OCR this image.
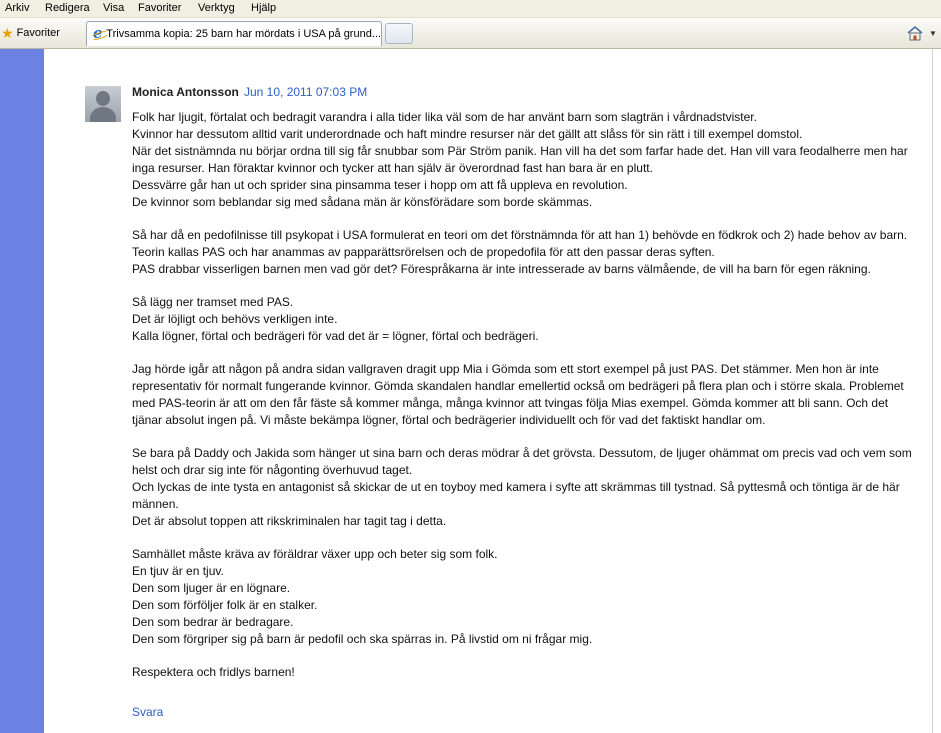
Arkiv Redigera Visa Favoriter Verktyg Hjälp
★ Favoriter
e	Trivsamma kopia: 25 barn har mördats i USA på grund...	▼
Monica Antonsson Jun 10, 2011 07:03 PM

Folk har ljugit, förtalat och bedragit varandra i alla tider lika väl som de har använt barn som slagträn i vårdnadstvister.
Kvinnor har dessutom alltid varit underordnade och haft mindre resurser när det gällt att slåss för sin rätt i till exempel domstol.
När det sistnämnda nu börjar ordna till sig får snubbar som Pär Ström panik. Han vill ha det som farfar hade det. Han vill vara feodalherre men har inga resurser. Han föraktar kvinnor och tycker att han själv är överordnad fast han bara är en plutt.
Dessvärre går han ut och sprider sina pinsamma teser i hopp om att få uppleva en revolution.
De kvinnor som beblandar sig med sådana män är könsförädare som borde skämmas.

Så har då en pedofilnisse till psykopat i USA formulerat en teori om det förstnämnda för att han 1) behövde en födkrok och 2) hade behov av barn.
Teorin kallas PAS och har anammas av papparättsrörelsen och de propedofila för att den passar deras syften.
PAS drabbar visserligen barnen men vad gör det? Förespråkarna är inte intresserade av barns välmående, de vill ha barn för egen räkning.

Så lägg ner tramset med PAS.
Det är löjligt och behövs verkligen inte.
Kalla lögner, förtal och bedrägeri för vad det är = lögner, förtal och bedrägeri.

Jag hörde igår att någon på andra sidan vallgraven dragit upp Mia i Gömda som ett stort exempel på just PAS. Det stämmer. Men hon är inte representativ för normalt fungerande kvinnor. Gömda skandalen handlar emellertid också om bedrägeri på flera plan och i större skala. Problemet med PAS-teorin är att om den får fäste så kommer många, många kvinnor att tvingas följa Mias exempel. Gömda kommer att bli sann. Och det tjänar absolut ingen på. Vi måste bekämpa lögner, förtal och bedrägerier individuellt och för vad det faktiskt handlar om.

Se bara på Daddy och Jakida som hänger ut sina barn och deras mödrar å det grövsta. Dessutom, de ljuger ohämmat om precis vad och vem som helst och drar sig inte för någonting överhuvud taget.
Och lyckas de inte tysta en antagonist så skickar de ut en toyboy med kamera i syfte att skrämmas till tystnad. Så pyttesmå och töntiga är de här männen.
Det är absolut toppen att rikskriminalen har tagit tag i detta.

Samhället måste kräva av föräldrar växer upp och beter sig som folk.
En tjuv är en tjuv.
Den som ljuger är en lögnare.
Den som förföljer folk är en stalker.
Den som bedrar är bedragare.
Den som förgriper sig på barn är pedofil och ska spärras in. På livstid om ni frågar mig.

Respektera och fridlys barnen!

Svara
